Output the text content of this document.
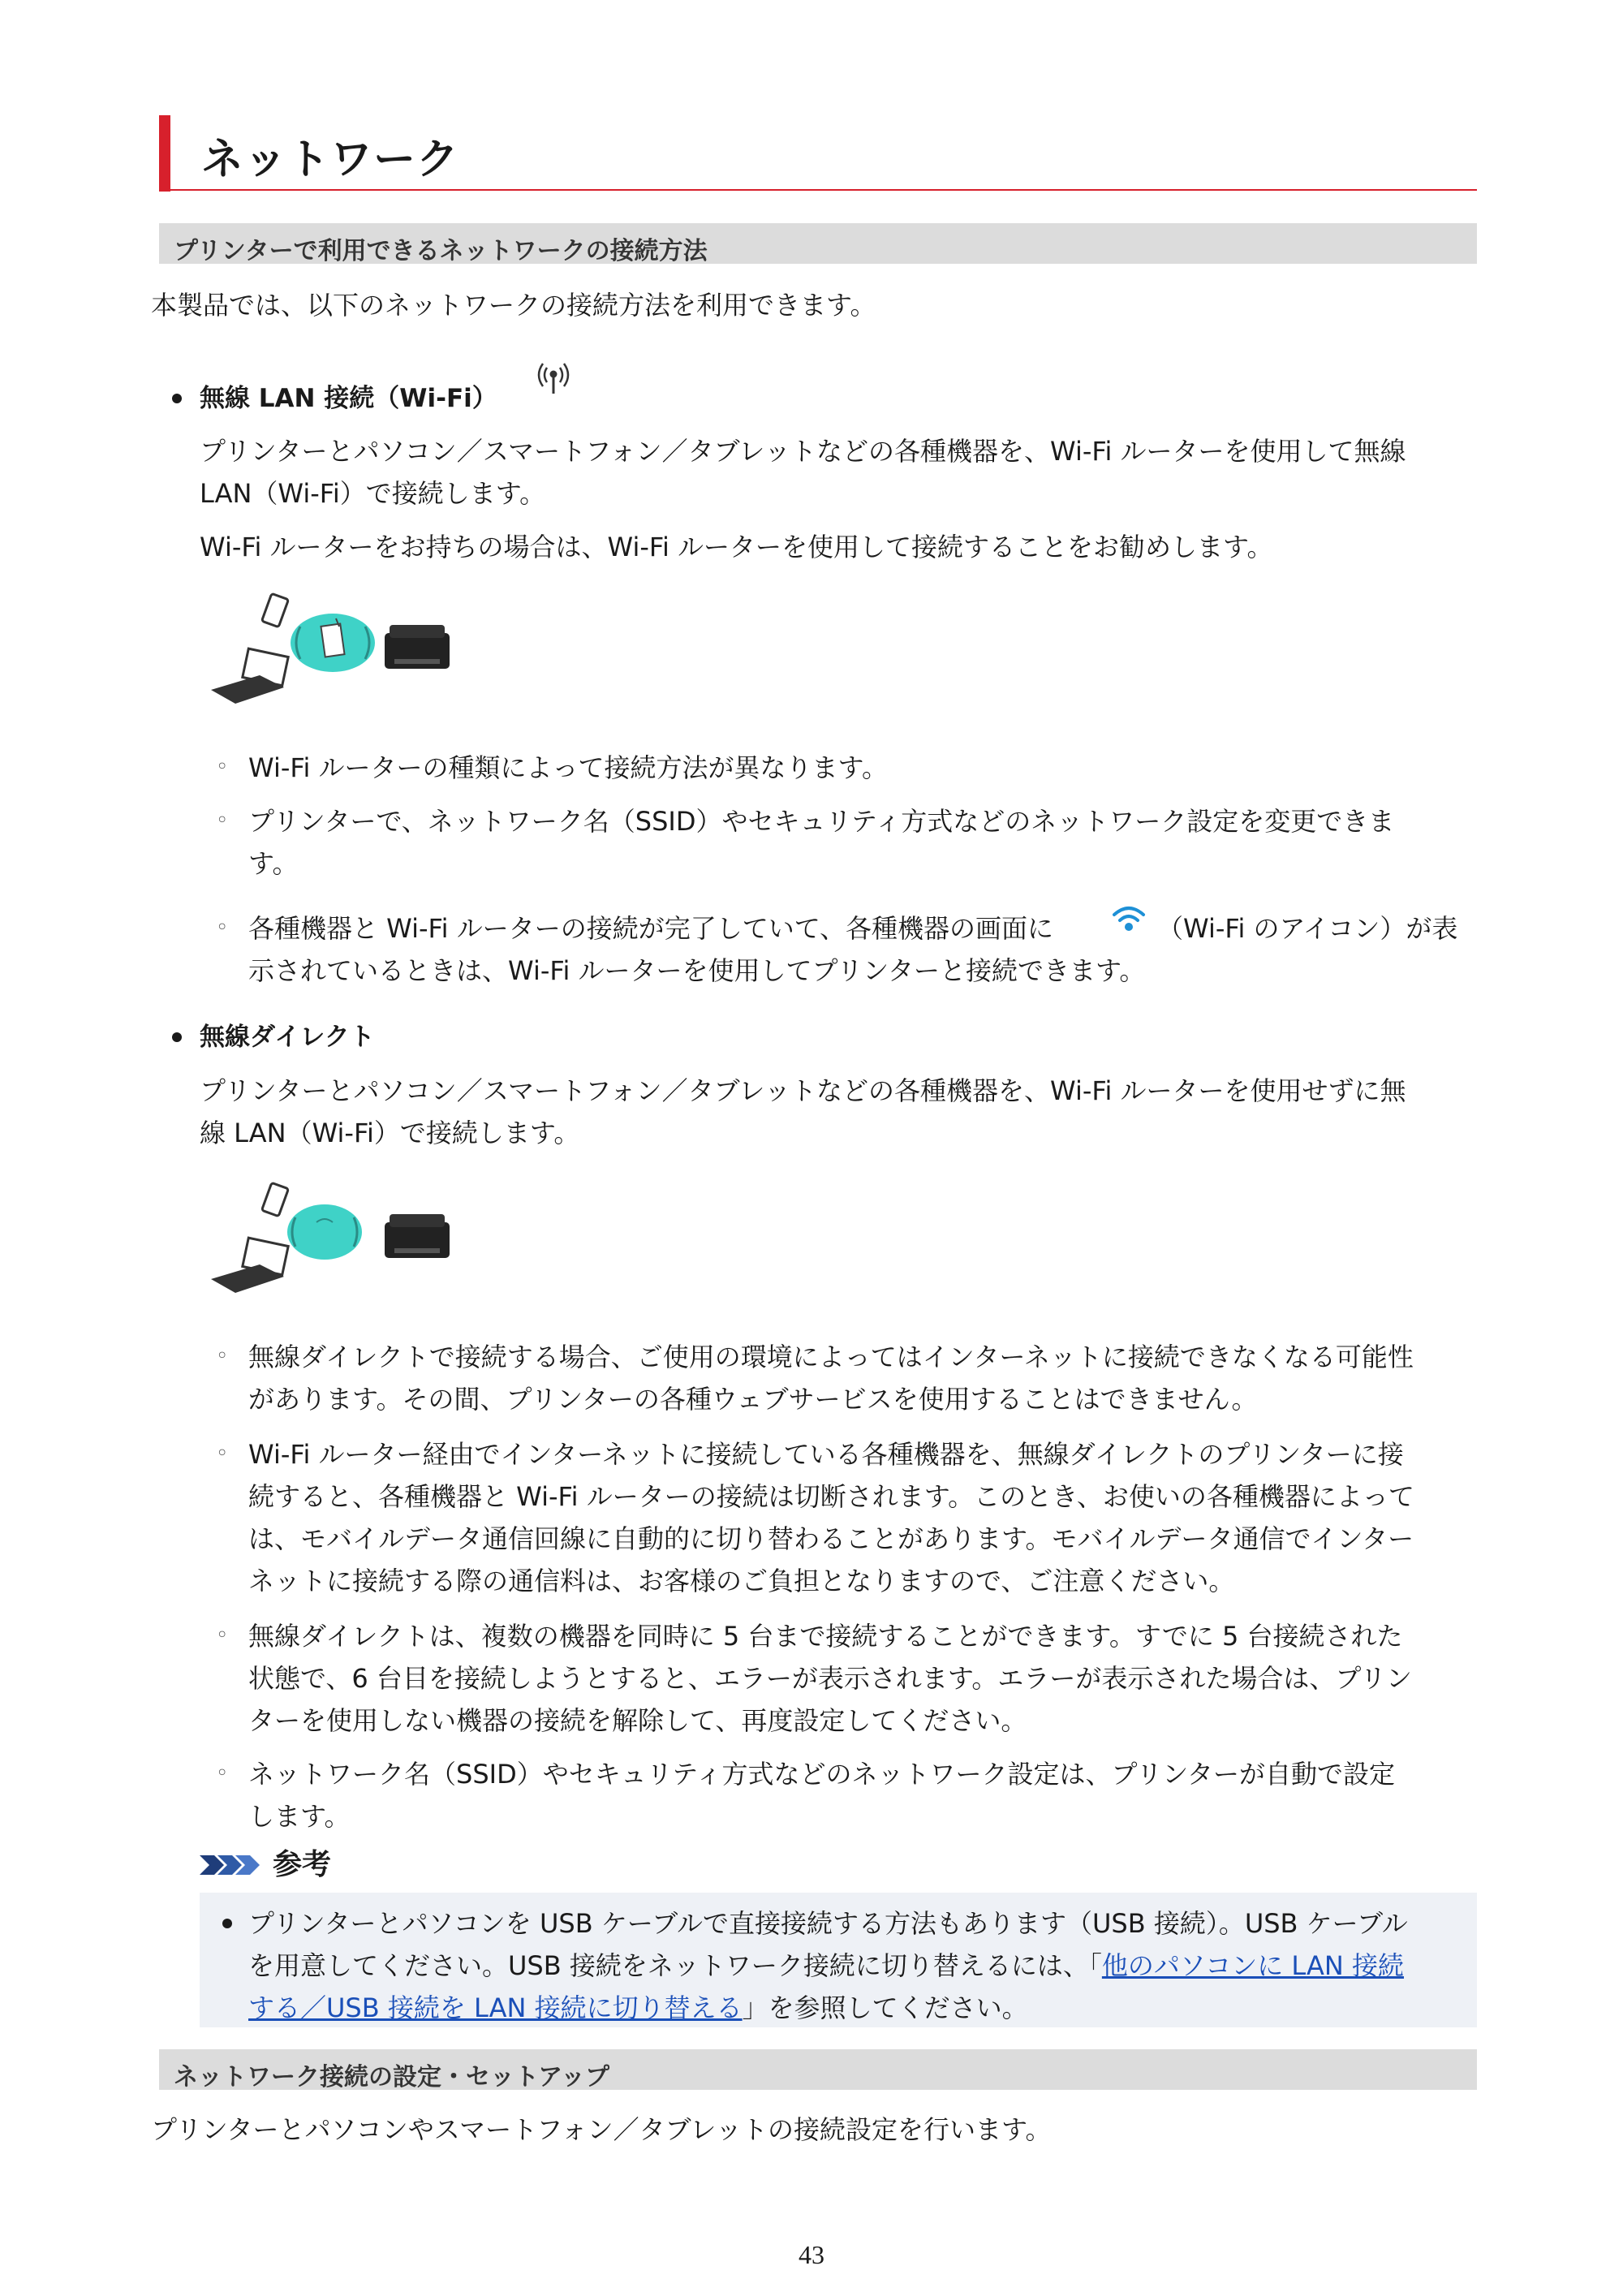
ネットワーク
プリンターで利用できるネットワークの接続方法
本製品では、以下のネットワークの接続方法を利用できます。
無線 LAN 接続（Wi-Fi）
プリンターとパソコン／スマートフォン／タブレットなどの各種機器を、Wi-Fi ルーターを使用して無線
LAN（Wi-Fi）で接続します。
Wi-Fi ルーターをお持ちの場合は、Wi-Fi ルーターを使用して接続することをお勧めします。
◦ Wi-Fi ルーターの種類によって接続方法が異なります。
◦ プリンターで、ネットワーク名（SSID）やセキュリティ方式などのネットワーク設定を変更できま
す。
◦ 各種機器と Wi-Fi ルーターの接続が完了していて、各種機器の画面に	（Wi-Fi のアイコン）が表
示されているときは、Wi-Fi ルーターを使用してプリンターと接続できます。
無線ダイレクト
プリンターとパソコン／スマートフォン／タブレットなどの各種機器を、Wi-Fi ルーターを使用せずに無
線 LAN（Wi-Fi）で接続します。
◦ 無線ダイレクトで接続する場合、ご使用の環境によってはインターネットに接続できなくなる可能性
があります。その間、プリンターの各種ウェブサービスを使用することはできません。
◦ Wi-Fi ルーター経由でインターネットに接続している各種機器を、無線ダイレクトのプリンターに接
続すると、各種機器と Wi-Fi ルーターの接続は切断されます。このとき、お使いの各種機器によって
は、モバイルデータ通信回線に自動的に切り替わることがあります。モバイルデータ通信でインター
ネットに接続する際の通信料は、お客様のご負担となりますので、ご注意ください。
◦ 無線ダイレクトは、複数の機器を同時に 5 台まで接続することができます。すでに 5 台接続された
状態で、6 台目を接続しようとすると、エラーが表示されます。エラーが表示された場合は、プリン
ターを使用しない機器の接続を解除して、再度設定してください。
◦ ネットワーク名（SSID）やセキュリティ方式などのネットワーク設定は、プリンターが自動で設定
します。
参考
プリンターとパソコンを USB ケーブルで直接接続する方法もあります（USB 接続）。USB ケーブル
を用意してください。USB 接続をネットワーク接続に切り替えるには、「他のパソコンに LAN 接続
する／USB 接続を LAN 接続に切り替える」を参照してください。
ネットワーク接続の設定・セットアップ
プリンターとパソコンやスマートフォン／タブレットの接続設定を行います。
43
